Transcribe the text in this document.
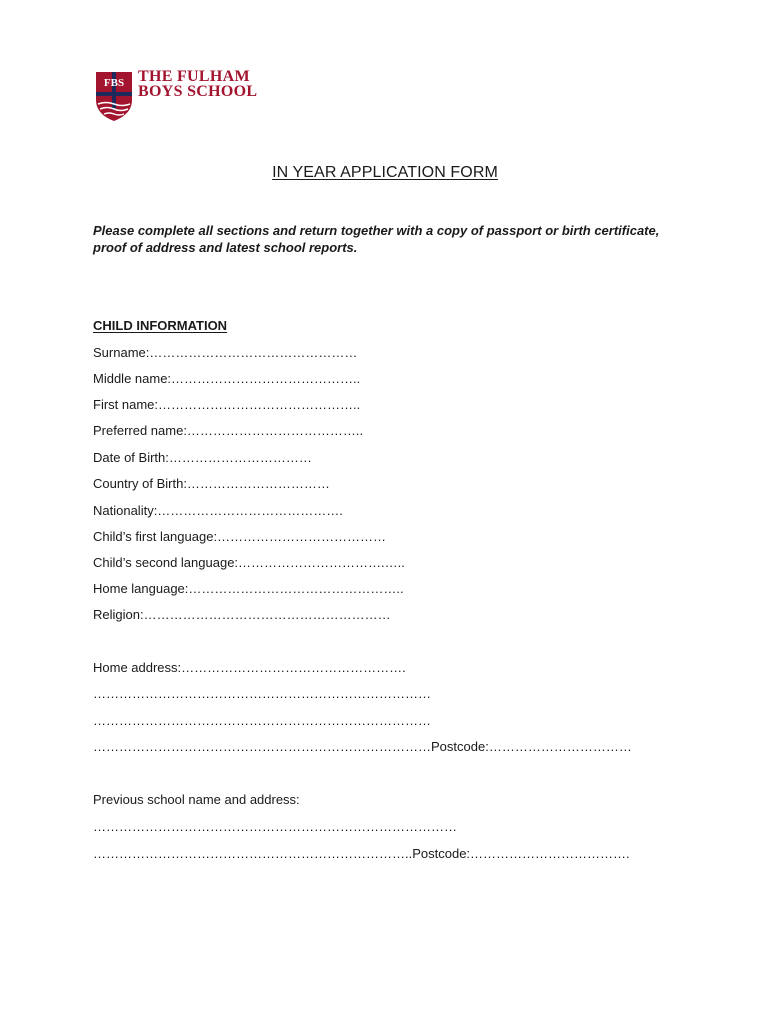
FBS THE FULHAM
BOYS SCHOOL
IN YEAR APPLICATION FORM
Please complete all sections and return together with a copy of passport or birth certificate, proof of address and latest school reports.
CHILD INFORMATION
Surname:…………………………………………
Middle name:……………………………………..
First name:………………………………………..
Preferred name:…………………………………..
Date of Birth:……………………………
Country of Birth:……………………………
Nationality:…………………………………….
Child’s first language:…………………………………
Child’s second language:…………………………….…..
Home language:…………………………………………..
Religion:…………………………………………………
Home address:…………………………………………….
……………………………………………………………………
……………………………………………………………………
……………………………………………………………………Postcode:……………………………
Previous school name and address:
…………………………………………………………………………
………………………………………………………………..Postcode:……………………………….
